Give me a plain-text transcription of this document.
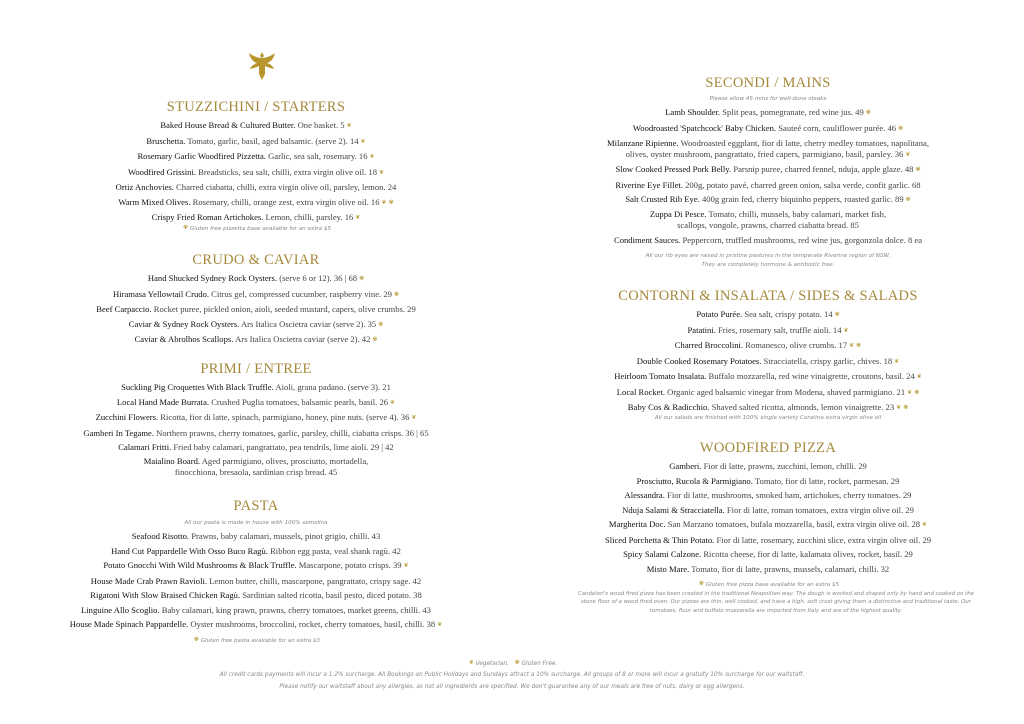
STUZZICHINI / STARTERS
Baked House Bread & Cultured Butter. One basket. 5 ❦
Bruschetta. Tomato, garlic, basil, aged balsamic. (serve 2). 14 ❦
Rosemary Garlic Woodfired Pizzetta. Garlic, sea salt, rosemary. 16 ❦
Woodfired Grissini. Breadsticks, sea salt, chilli, extra virgin olive oil. 18 ❦
Ortiz Anchovies. Charred ciabatta, chilli, extra virgin olive oil, parsley, lemon. 24
Warm Mixed Olives. Rosemary, chilli, orange zest, extra virgin olive oil. 16 ❦ ✾
Crispy Fried Roman Artichokes. Lemon, chilli, parsley. 16 ❦
✾ Gluten free pizzetta base available for an extra $5
CRUDO & CAVIAR
Hand Shucked Sydney Rock Oysters. (serve 6 or 12). 36 | 68 ✾
Hiramasa Yellowtail Crudo. Citrus gel, compressed cucumber, raspberry vine. 29 ✾
Beef Carpaccio. Rocket puree, pickled onion, aioli, seeded mustard, capers, olive crumbs. 29
Caviar & Sydney Rock Oysters. Ars Italica Oscietra caviar (serve 2). 35 ✾
Caviar & Abrolhos Scallops. Ars Italica Oscietra caviar (serve 2). 42 ✾
PRIMI / ENTREE
Suckling Pig Croquettes With Black Truffle. Aioli, grana padano. (serve 3). 21
Local Hand Made Burrata. Crushed Puglia tomatoes, balsamic pearls, basil. 26 ❦
Zucchini Flowers. Ricotta, fior di latte, spinach, parmigiano, honey, pine nuts. (serve 4). 36 ❦
Gamberi In Tegame. Northern prawns, cherry tomatoes, garlic, parsley, chilli, ciabatta crisps. 36 | 65
Calamari Fritti. Fried baby calamari, pangrattato, pea tendrils, lime aioli. 29 | 42
Maialino Board. Aged parmigiano, olives, prosciutto, mortadella,
finocchiona, bresaola, sardinian crisp bread. 45
PASTA
All our pasta is made in house with 100% semolina
Seafood Risotto. Prawns, baby calamari, mussels, pinot grigio, chilli. 43
Hand Cut Pappardelle With Osso Buco Ragù. Ribbon egg pasta, veal shank ragù. 42
Potato Gnocchi With Wild Mushrooms & Black Truffle. Mascarpone, potato crisps. 39 ❦
House Made Crab Prawn Ravioli. Lemon butter, chilli, mascarpone, pangrattato, crispy sage. 42
Rigatoni With Slow Braised Chicken Ragù. Sardinian salted ricotta, basil pesto, diced potato. 38
Linguine Allo Scoglio. Baby calamari, king prawn, prawns, cherry tomatoes, market greens, chilli. 43
House Made Spinach Pappardelle. Oyster mushrooms, broccolini, rocket, cherry tomatoes, basil, chilli. 38 ❦
✾ Gluten free pasta available for an extra $3
SECONDI / MAINS
Please allow 45 mins for well-done steaks
Lamb Shoulder. Split peas, pomegranate, red wine jus. 49 ✾
Woodroasted 'Spatchcock' Baby Chicken. Sauteé corn, cauliflower purée. 46 ✾
Milanzane Ripienne. Woodroasted eggplant, fior di latte, cherry medley tomatoes, napolitana,
olives, oyster mushroom, pangrattato, fried capers, parmigiano, basil, parsley. 36 ❦
Slow Cooked Pressed Pork Belly. Parsnip puree, charred fennel, nduja, apple glaze. 48 ✾
Riverine Eye Fillet. 200g, potato pavé, charred green onion, salsa verde, confit garlic. 68
Salt Crusted Rib Eye. 400g grain fed, cherry biquinho peppers, roasted garlic. 89 ✾
Zuppa Di Pesce. Tomato, chilli, mussels, baby calamari, market fish,
scallops, vongole, prawns, charred ciabatta bread. 85
Condiment Sauces. Peppercorn, truffled mushrooms, red wine jus, gorgonzola dolce. 8 ea
All our rib eyes are raised in pristine pastures in the temperate Riverine region of NSW.
They are completely hormone & antibiotic free.
CONTORNI & INSALATA / SIDES & SALADS
Potato Purée. Sea salt, crispy potato. 14 ✾
Patatini. Fries, rosemary salt, truffle aioli. 14 ❦
Charred Broccolini. Romanesco, olive crumbs. 17 ❦ ✾
Double Cooked Rosemary Potatoes. Stracciatella, crispy garlic, chives. 18 ❦
Heirloom Tomato Insalata. Buffalo mozzarella, red wine vinaigrette, croutons, basil. 24 ❦
Local Rocket. Organic aged balsamic vinegar from Modena, shaved parmigiano. 21 ❦ ✾
Baby Cos & Radicchio. Shaved salted ricotta, almonds, lemon vinaigrette. 23 ❦ ✾
All our salads are finished with 100% single variety Coratina extra virgin olive oil
WOODFIRED PIZZA
Gamberi. Fior di latte, prawns, zucchini, lemon, chilli. 29
Prosciutto, Rucola & Parmigiano. Tomato, fior di latte, rocket, parmesan. 29
Alessandra. Fior di latte, mushrooms, smoked ham, artichokes, cherry tomatoes. 29
Nduja Salami & Stracciatella. Fior di latte, roman tomatoes, extra virgin olive oil. 29
Margherita Doc. San Marzano tomatoes, bufala mozzarella, basil, extra virgin olive oil. 28 ❦
Sliced Porchetta & Thin Potato. Fior di latte, rosemary, zucchini slice, extra virgin olive oil. 29
Spicy Salami Calzone. Ricotta cheese, fior di latte, kalamata olives, rocket, basil. 29
Misto Mare. Tomato, fior di latte, prawns, mussels, calamari, chilli. 32
✾ Gluten free pizza base available for an extra $5
Candelori's wood fired pizza has been created in the traditional Neapolitan way. The dough is worked and shaped only by hand and cooked on the stone floor of a wood fired oven. Our pizzas are thin, well cooked, and have a high, soft crust giving them a distinctive and traditional taste. Our tomatoes, flour and buffalo mozzarella are imported from Italy and are of the highest quality.
❦ Vegetarian. ✾ Gluten Free.
All credit cards payments will incur a 1.2% surcharge. All Bookings on Public Holidays and Sundays attract a 10% surcharge. All groups of 8 or more will incur a gratuity 10% surcharge for our waitstaff.
Please notify our waitstaff about any allergies, as not all ingredients are specified. We don't guarantee any of our meals are free of nuts, dairy or egg allergens.
